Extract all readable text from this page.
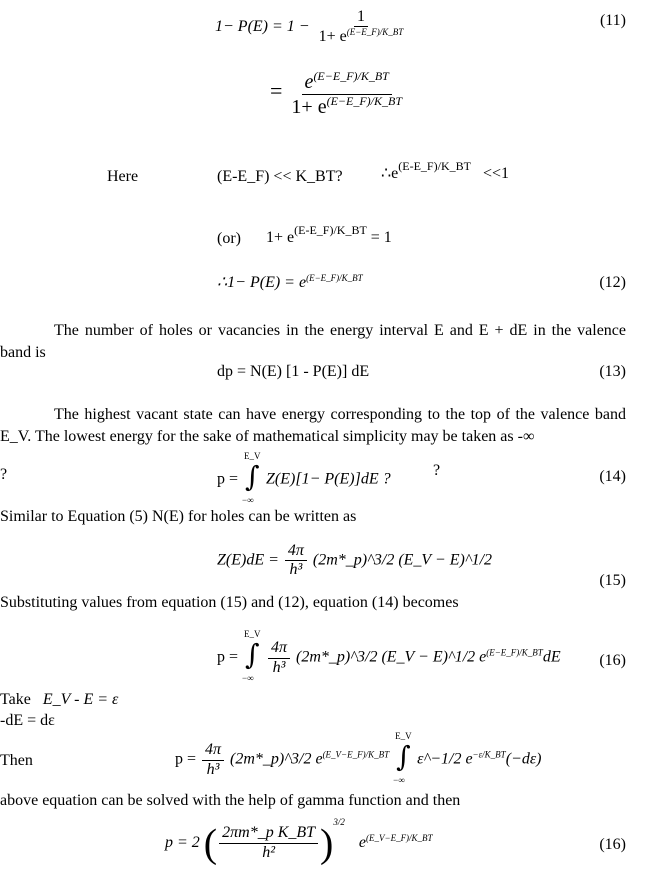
$1- P(E) = 1 - \frac{1}{1+ e^{(E-E\_F)/K\_BT}}$	(11)
= $\frac{e^{(E-E\_F)/K\_BT}}{1+ e^{(E-E\_F)/K\_BT}}$
Here	(E-E_F) << K_BT? $\therefore e^{(E-E\_F)/K\_BT} <<1$
(or) $1+ e^{(E-E\_F)/K\_BT} = 1$
∴1− $P(E) = e^{(E-E\_F)/K\_BT}$	(12)
The number of holes or vacancies in the energy interval E and E + dE in the valence band is
dp = N(E) [1 - P(E)] dE	(13)
The highest vacant state can have energy corresponding to the top of the valence band E_V. The lowest energy for the sake of mathematical simplicity may be taken as -∞
?	p =
E_V
∫
−∞
Z(E)[1− P(E)]dE ?
?	(14)
Similar to Equation (5) N(E) for holes can be written as
$Z(E)dE = \frac{4\pi}{\text{h³}}$ (2m*_p)^3/2 (E_V − E)^1/2
(15)
Substituting values from equation (15) and (12), equation (14) becomes
p =
E_V
∫
−∞

$\frac{4\pi}{\text{h³}}$ (2m*_p)^3/2 (E_V − E)^1/2 $e^{(E-E\_F)/K\_BT}dE$ (16)
Take E_V - E = ε
-dE = dε
Then	$p = \frac{4\pi}{\text{h³}}$ (2m*_p)^3/2 $e^{(E\_V-E\_F)/K\_BT}$
E_V
∫
−∞
ε^−1/2 $e^{-\varepsilon/K\_BT}(-d\varepsilon)$
above equation can be solved with the help of gamma function and then
p = 2 ( $\frac{\text{2πm*\_p K\_BT}}{\text{h²}} )^{3/2}$ $e^{(E\_V-E\_F)/K\_BT}$	(16)
